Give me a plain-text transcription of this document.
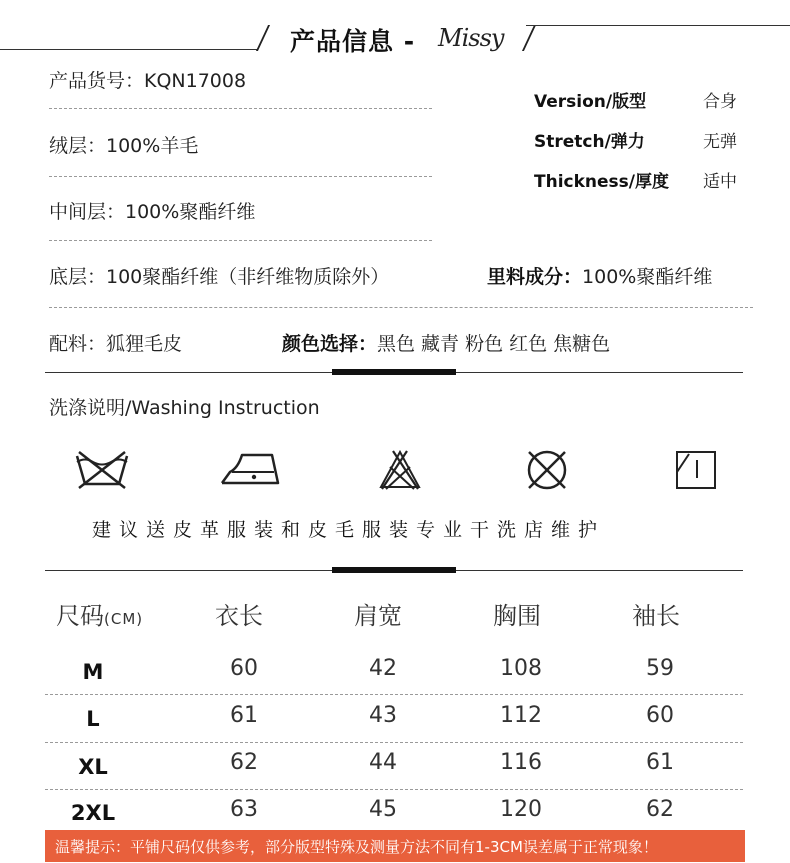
产品信息 - Missy
产品货号：KQN17008
绒层：100%羊毛
中间层：100%聚酯纤维
底层：100聚酯纤维（非纤维物质除外）	里料成分：100%聚酯纤维
配料：狐狸毛皮	颜色选择：黑色 藏青 粉色 红色 焦糖色
Version/版型	合身
Stretch/弹力	无弹
Thickness/厚度 适中
洗涤说明/Washing Instruction
建议送皮革服装和皮毛服装专业干洗店维护
尺码(CM)	衣长	肩宽	胸围	袖长
M	60	42	108	59
L	61	43	112	60
XL	62	44	116	61
2XL	63	45	120	62
温馨提示：平铺尺码仅供参考，部分版型特殊及测量方法不同有1-3CM误差属于正常现象！
